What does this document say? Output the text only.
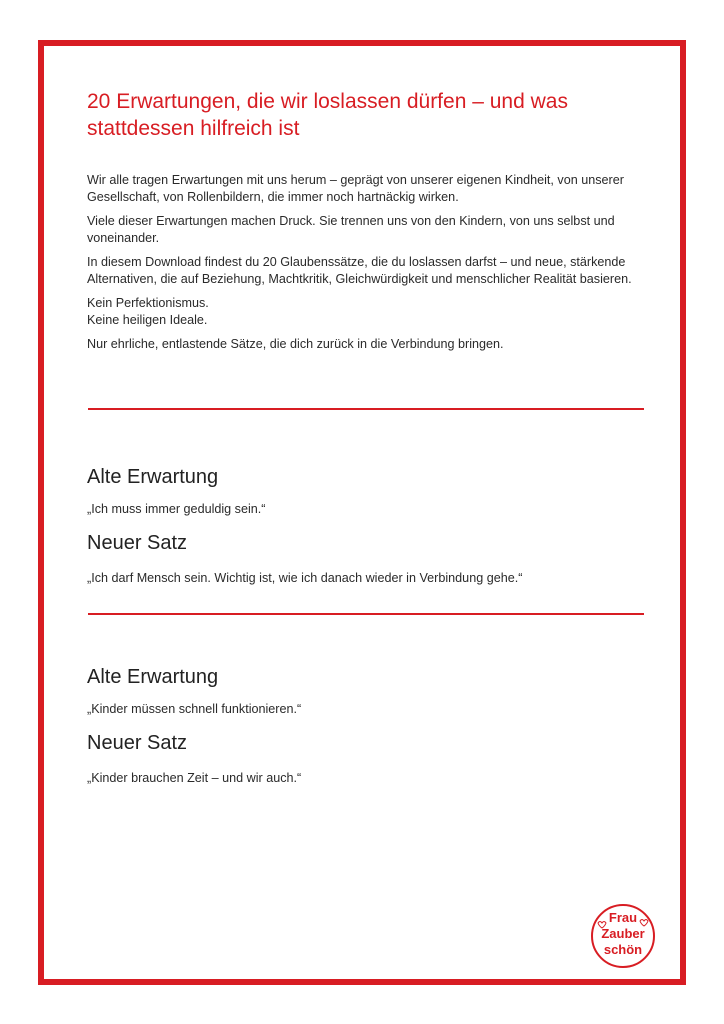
20 Erwartungen, die wir loslassen dürfen – und was stattdessen hilfreich ist

Wir alle tragen Erwartungen mit uns herum – geprägt von unserer eigenen Kindheit, von unserer Gesellschaft, von Rollenbildern, die immer noch hartnäckig wirken.

Viele dieser Erwartungen machen Druck. Sie trennen uns von den Kindern, von uns selbst und voneinander.

In diesem Download findest du 20 Glaubenssätze, die du loslassen darfst – und neue, stärkende Alternativen, die auf Beziehung, Machtkritik, Gleichwürdigkeit und menschlicher Realität basieren.

Kein Perfektionismus.
Keine heiligen Ideale.

Nur ehrliche, entlastende Sätze, die dich zurück in die Verbindung bringen.

Alte Erwartung

„Ich muss immer geduldig sein.“

Neuer Satz

„Ich darf Mensch sein. Wichtig ist, wie ich danach wieder in Verbindung gehe.“

Alte Erwartung

„Kinder müssen schnell funktionieren.“

Neuer Satz

„Kinder brauchen Zeit – und wir auch.“

Frau
Zauber
schön
